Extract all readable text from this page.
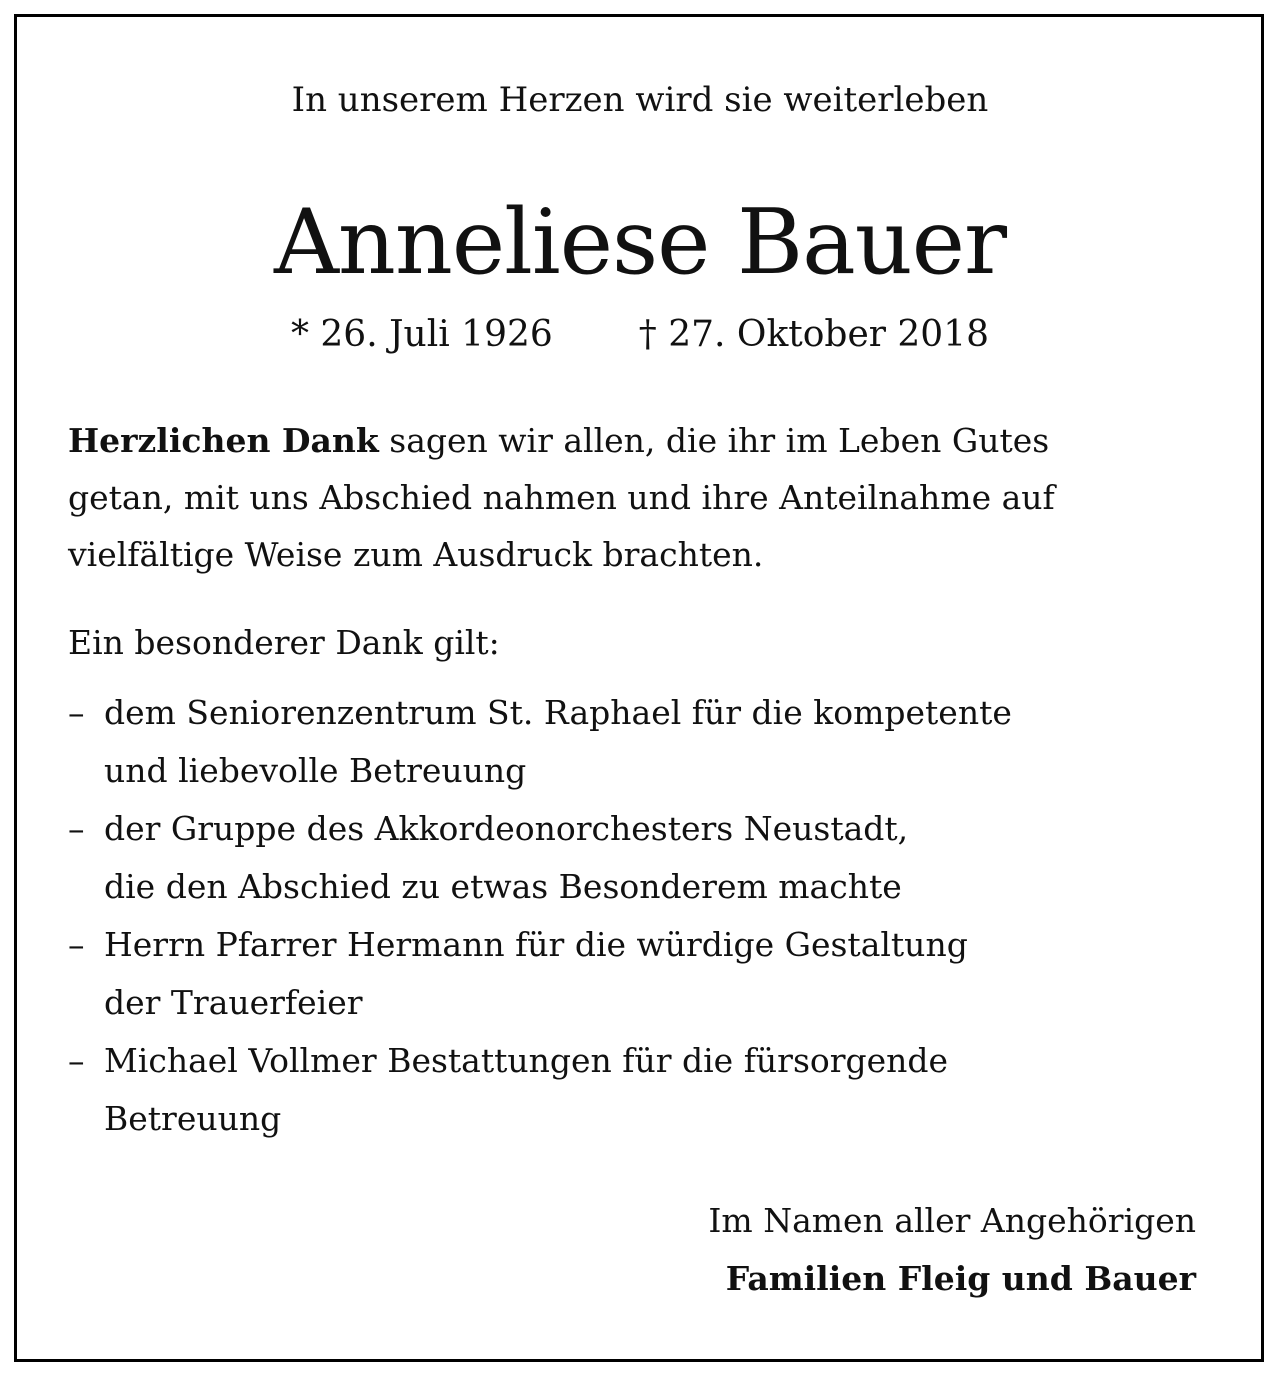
In unserem Herzen wird sie weiterleben
Anneliese Bauer
* 26. Juli 1926 † 27. Oktober 2018
Herzlichen Dank sagen wir allen, die ihr im Leben Gutes
getan, mit uns Abschied nahmen und ihre Anteilnahme auf
vielfältige Weise zum Ausdruck brachten.
Ein besonderer Dank gilt:
– dem Seniorenzentrum St. Raphael für die kompetente
und liebevolle Betreuung
– der Gruppe des Akkordeonorchesters Neustadt,
die den Abschied zu etwas Besonderem machte
– Herrn Pfarrer Hermann für die würdige Gestaltung
der Trauerfeier
– Michael Vollmer Bestattungen für die fürsorgende
Betreuung
Im Namen aller Angehörigen
Familien Fleig und Bauer
